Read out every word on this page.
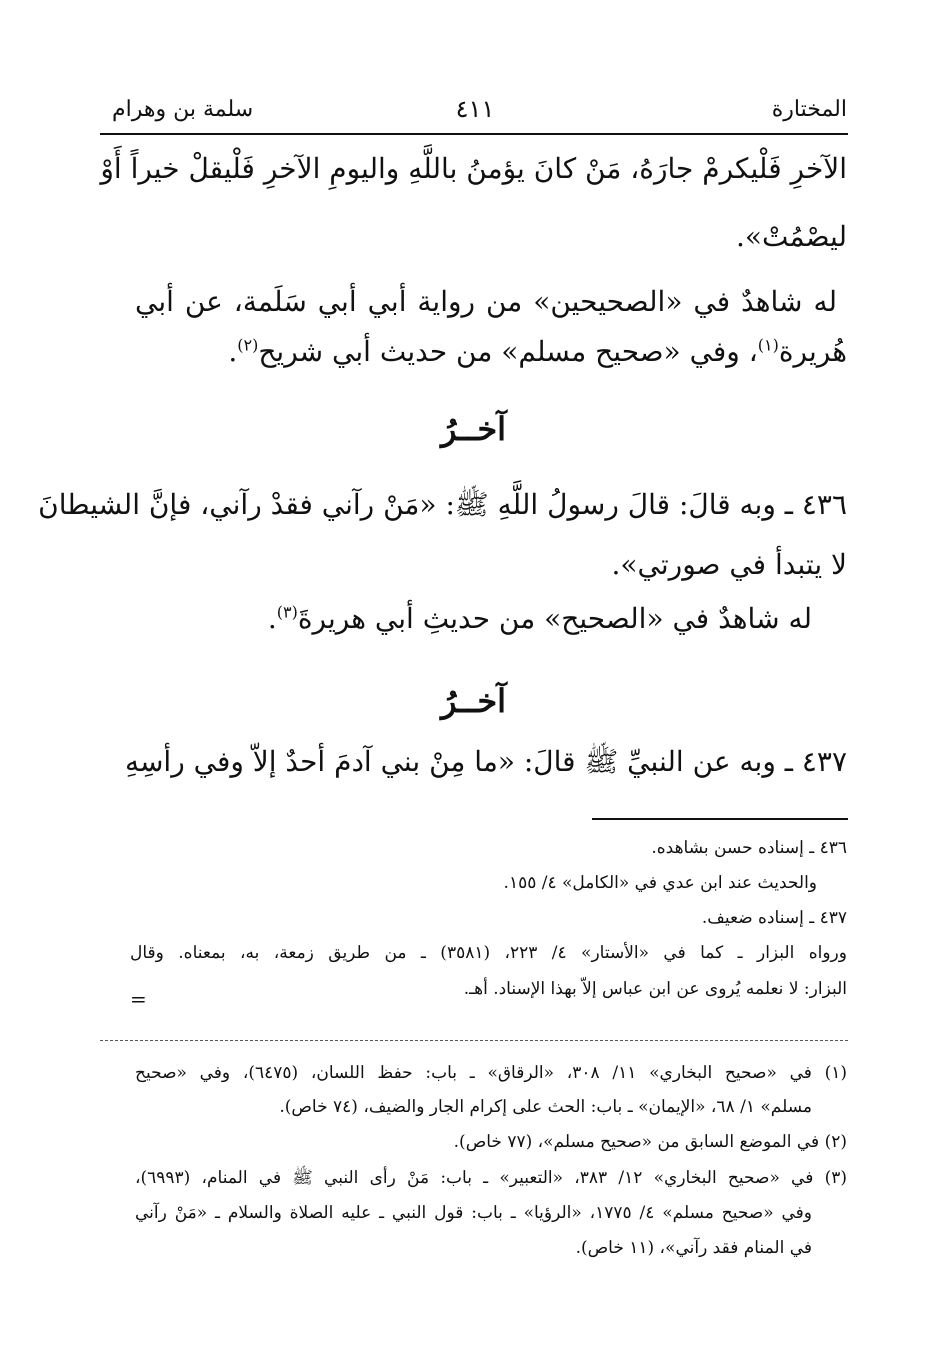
سلمة بن وهرام	٤١١	المختارة
الآخرِ فَلْيكرمْ جارَهُ، مَنْ كانَ يؤمنُ باللَّهِ واليومِ الآخرِ فَلْيقلْ خيراً أَوْ
ليصْمُتْ».
له شاهدٌ في «الصحيحين» من رواية أبي أبي سَلَمة، عن أبي
هُريرة$^{(١)}$، وفي «صحيح مسلم» من حديث أبي شريح$^{(٢)}$.
آخــرُ
٤٣٦ ـ وبه قالَ: قالَ رسولُ اللَّهِ ﷺ: «مَنْ رآني فقدْ رآني، فإنَّ الشيطانَ
لا يتبدأ في صورتي».
له شاهدٌ في «الصحيح» من حديثِ أبي هريرةَ$^{(٣)}$.
آخــرُ
٤٣٧ ـ وبه عن النبيِّ ﷺ قالَ: «ما مِنْ بني آدمَ أحدٌ إلاّ وفي رأسِهِ
٤٣٦ ـ إسناده حسن بشاهده.
والحديث عند ابن عدي في «الكامل» ٤/ ١٥٥.
٤٣٧ ـ إسناده ضعيف.
ورواه البزار ـ كما في «الأستار» ٤/ ٢٢٣، (٣٥٨١) ـ من طريق زمعة، به، بمعناه. وقال
البزار: لا نعلمه يُروى عن ابن عباس إلاّ بهذا الإسناد. أهـ.
=
(١) في «صحيح البخاري» ١١/ ٣٠٨، «الرقاق» ـ باب: حفظ اللسان، (٦٤٧٥)، وفي «صحيح
مسلم» ١/ ٦٨، «الإيمان» ـ باب: الحث على إكرام الجار والضيف، (٧٤ خاص).
(٢) في الموضع السابق من «صحيح مسلم»، (٧٧ خاص).
(٣) في «صحيح البخاري» ١٢/ ٣٨٣، «التعبير» ـ باب: مَنْ رأى النبي ﷺ في المنام، (٦٩٩٣)،
وفي «صحيح مسلم» ٤/ ١٧٧٥، «الرؤيا» ـ باب: قول النبي ـ عليه الصلاة والسلام ـ «مَنْ رآني
في المنام فقد رآني»، (١١ خاص).
